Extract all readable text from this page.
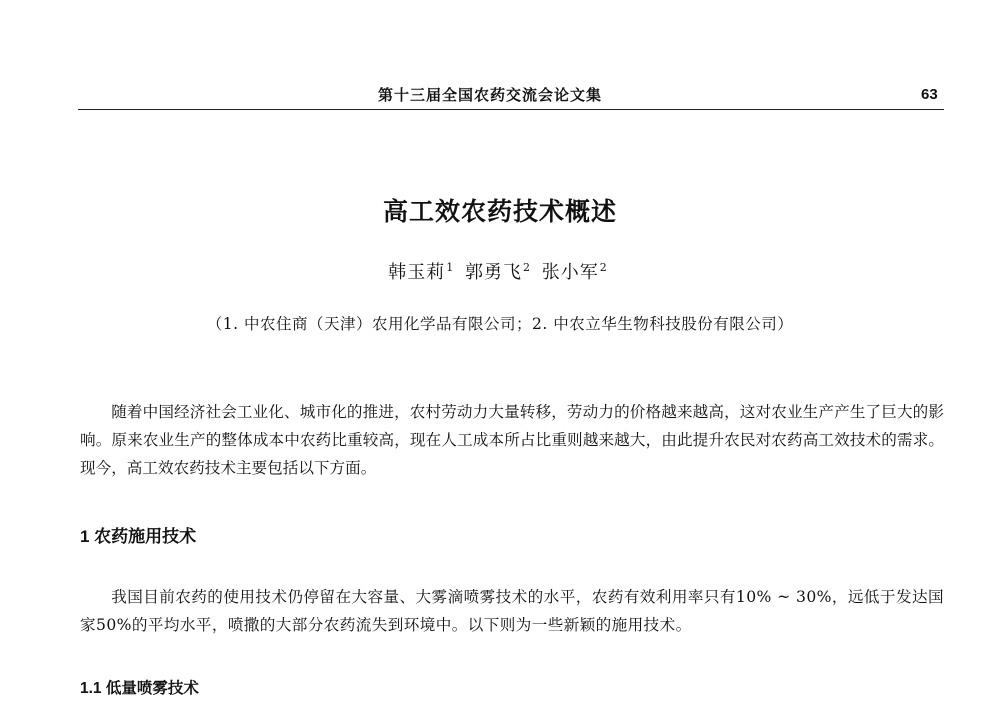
第十三届全国农药交流会论文集	63
高工效农药技术概述
韩玉莉$^1$ 郭勇飞$^2$ 张小军$^2$
（1. 中农住商（天津）农用化学品有限公司；2. 中农立华生物科技股份有限公司）

随着中国经济社会工业化、城市化的推进，农村劳动力大量转移，劳动力的价格越来越高，这对农业生产产生了巨大的影响。原来农业生产的整体成本中农药比重较高，现在人工成本所占比重则越来越大，由此提升农民对农药高工效技术的需求。现今，高工效农药技术主要包括以下方面。

1 农药施用技术

我国目前农药的使用技术仍停留在大容量、大雾滴喷雾技术的水平，农药有效利用率只有10% ~ 30%，远低于发达国家50%的平均水平，喷撒的大部分农药流失到环境中。以下则为一些新颖的施用技术。

1.1 低量喷雾技术
